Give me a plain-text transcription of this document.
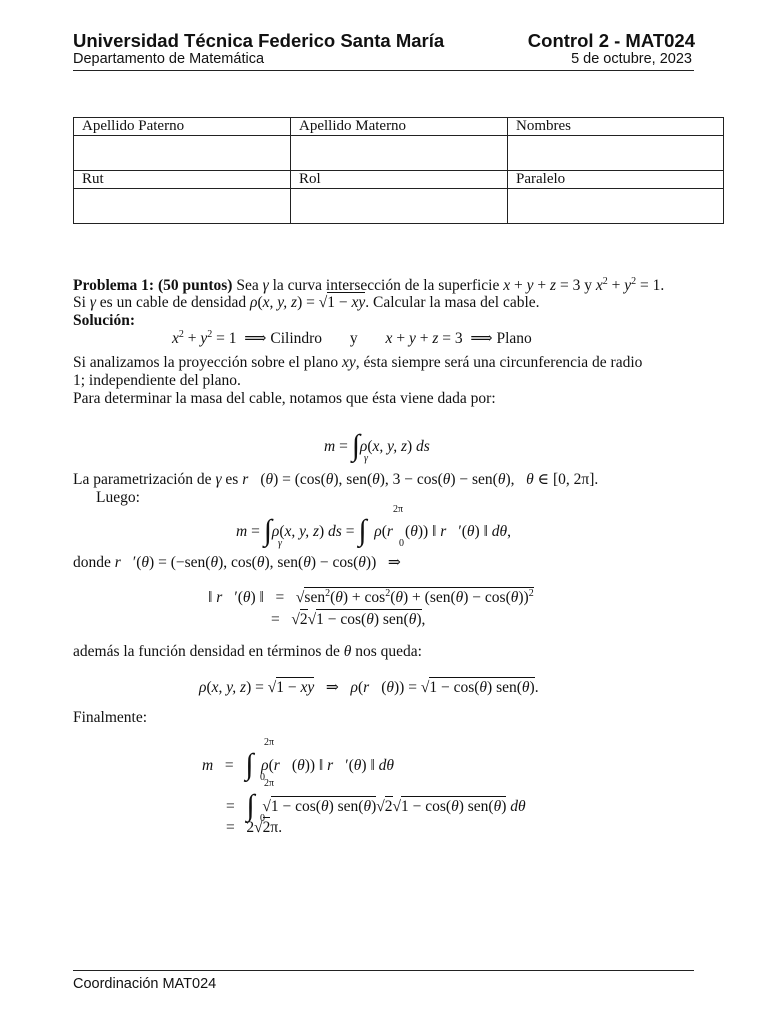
Universidad Técnica Federico Santa María	Control 2 - MAT024
Departamento de Matemática	5 de octubre, 2023
Apellido Paterno	Apellido Materno	Nombres

Rut	Rol	Paralelo

Problema 1: (50 puntos) Sea γ la curva intersección de la superficie x + y + z = 3 y $x^2 + y^2 = 1$.
Si γ es un cable de densidad ρ(x, y, z) = √1 − xy. Calcular la masa del cable.
Solución:
$x^2 + y^2 = 1$  ⟹ Cilindro y x + y + z = 3  ⟹ Plano
Si analizamos la proyección sobre el plano xy, ésta siempre será una circunferencia de radio
1; independiente del plano.
Para determinar la masa del cable, notamos que ésta viene dada por:
m = ∫ γ
ρ(x, y, z) ds
La parametrización de γ es r⃗(θ) = (cos(θ), sen(θ), 3 − cos(θ) − sen(θ),   θ ∈ [0, 2π].
Luego:
m = ∫ γ
ρ(x, y, z) ds = ∫
2π
0
ρ(r⃗(θ)) ‖ r⃗′(θ) ‖ dθ,
donde r⃗′(θ) = (−sen(θ), cos(θ), sen(θ) − cos(θ))   ⇒
‖ r⃗′(θ) ‖   =   $√sen^2(\theta) + \cos^2(\theta) + (sen(\theta) - \cos(\theta))^2$
=   √2√1 − cos(θ) sen(θ),
además la función densidad en términos de θ nos queda:
ρ(x, y, z) = √1 − xy   ⇒   ρ(r⃗(θ)) = √1 − cos(θ) sen(θ).
Finalmente:
m   =   ∫
2π
0
ρ(r⃗(θ)) ‖ r⃗′(θ) ‖ dθ
=   ∫
2π
0
√1 − cos(θ) sen(θ)√2√1 − cos(θ) sen(θ) dθ
=   2√2π.
Coordinación MAT024
